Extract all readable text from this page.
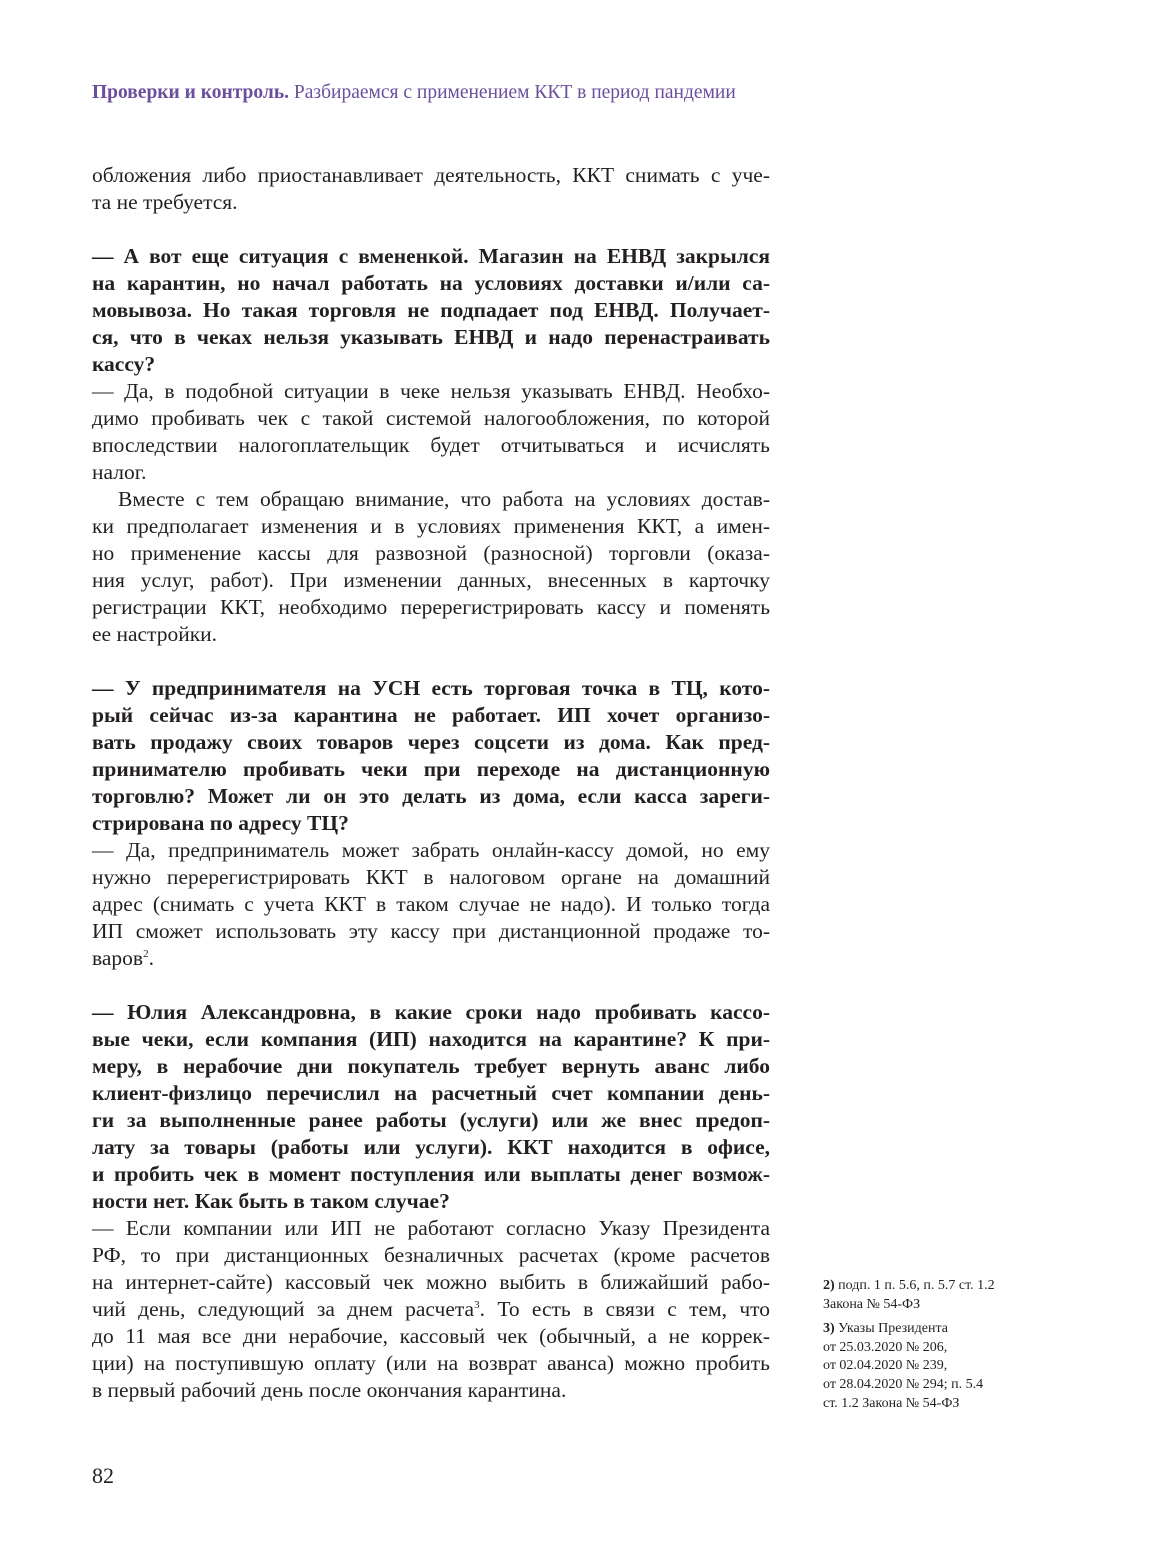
Проверки и контроль. Разбираемся с применением ККТ в период пандемии
обложения либо приостанавливает деятельность, ККТ снимать с уче-
та не требуется.
— А вот еще ситуация с вмененкой. Магазин на ЕНВД закрылся
на карантин, но начал работать на условиях доставки и/или са-
мовывоза. Но такая торговля не подпадает под ЕНВД. Получает-
ся, что в чеках нельзя указывать ЕНВД и надо перенастраивать
кассу?
— Да, в подобной ситуации в чеке нельзя указывать ЕНВД. Необхо-
димо пробивать чек с такой системой налогообложения, по которой
впоследствии налогоплательщик будет отчитываться и исчислять
налог.
Вместе с тем обращаю внимание, что работа на условиях достав-
ки предполагает изменения и в условиях применения ККТ, а имен-
но применение кассы для развозной (разносной) торговли (оказа-
ния услуг, работ). При изменении данных, внесенных в карточку
регистрации ККТ, необходимо перерегистрировать кассу и поменять
ее настройки.
— У предпринимателя на УСН есть торговая точка в ТЦ, кото-
рый сейчас из-за карантина не работает. ИП хочет организо-
вать продажу своих товаров через соцсети из дома. Как пред-
принимателю пробивать чеки при переходе на дистанционную
торговлю? Может ли он это делать из дома, если касса зареги-
стрирована по адресу ТЦ?
— Да, предприниматель может забрать онлайн-кассу домой, но ему
нужно перерегистрировать ККТ в налоговом органе на домашний
адрес (снимать с учета ККТ в таком случае не надо). И только тогда
ИП сможет использовать эту кассу при дистанционной продаже то-
варов$^2$.
— Юлия Александровна, в какие сроки надо пробивать кассо-
вые чеки, если компания (ИП) находится на карантине? К при-
меру, в нерабочие дни покупатель требует вернуть аванс либо
клиент-физлицо перечислил на расчетный счет компании день-
ги за выполненные ранее работы (услуги) или же внес предоп-
лату за товары (работы или услуги). ККТ находится в офисе,
и пробить чек в момент поступления или выплаты денег возмож-
ности нет. Как быть в таком случае?
— Если компании или ИП не работают согласно Указу Президента
РФ, то при дистанционных безналичных расчетах (кроме расчетов
на интернет-сайте) кассовый чек можно выбить в ближайший рабо-
чий день, следующий за днем расчета$^3$. То есть в связи с тем, что
до 11 мая все дни нерабочие, кассовый чек (обычный, а не коррек-
ции) на поступившую оплату (или на возврат аванса) можно пробить
в первый рабочий день после окончания карантина.
2) подп. 1 п. 5.6, п. 5.7 ст. 1.2
Закона № 54-ФЗ
3) Указы Президента
от 25.03.2020 № 206,
от 02.04.2020 № 239,
от 28.04.2020 № 294; п. 5.4
ст. 1.2 Закона № 54-ФЗ
82
